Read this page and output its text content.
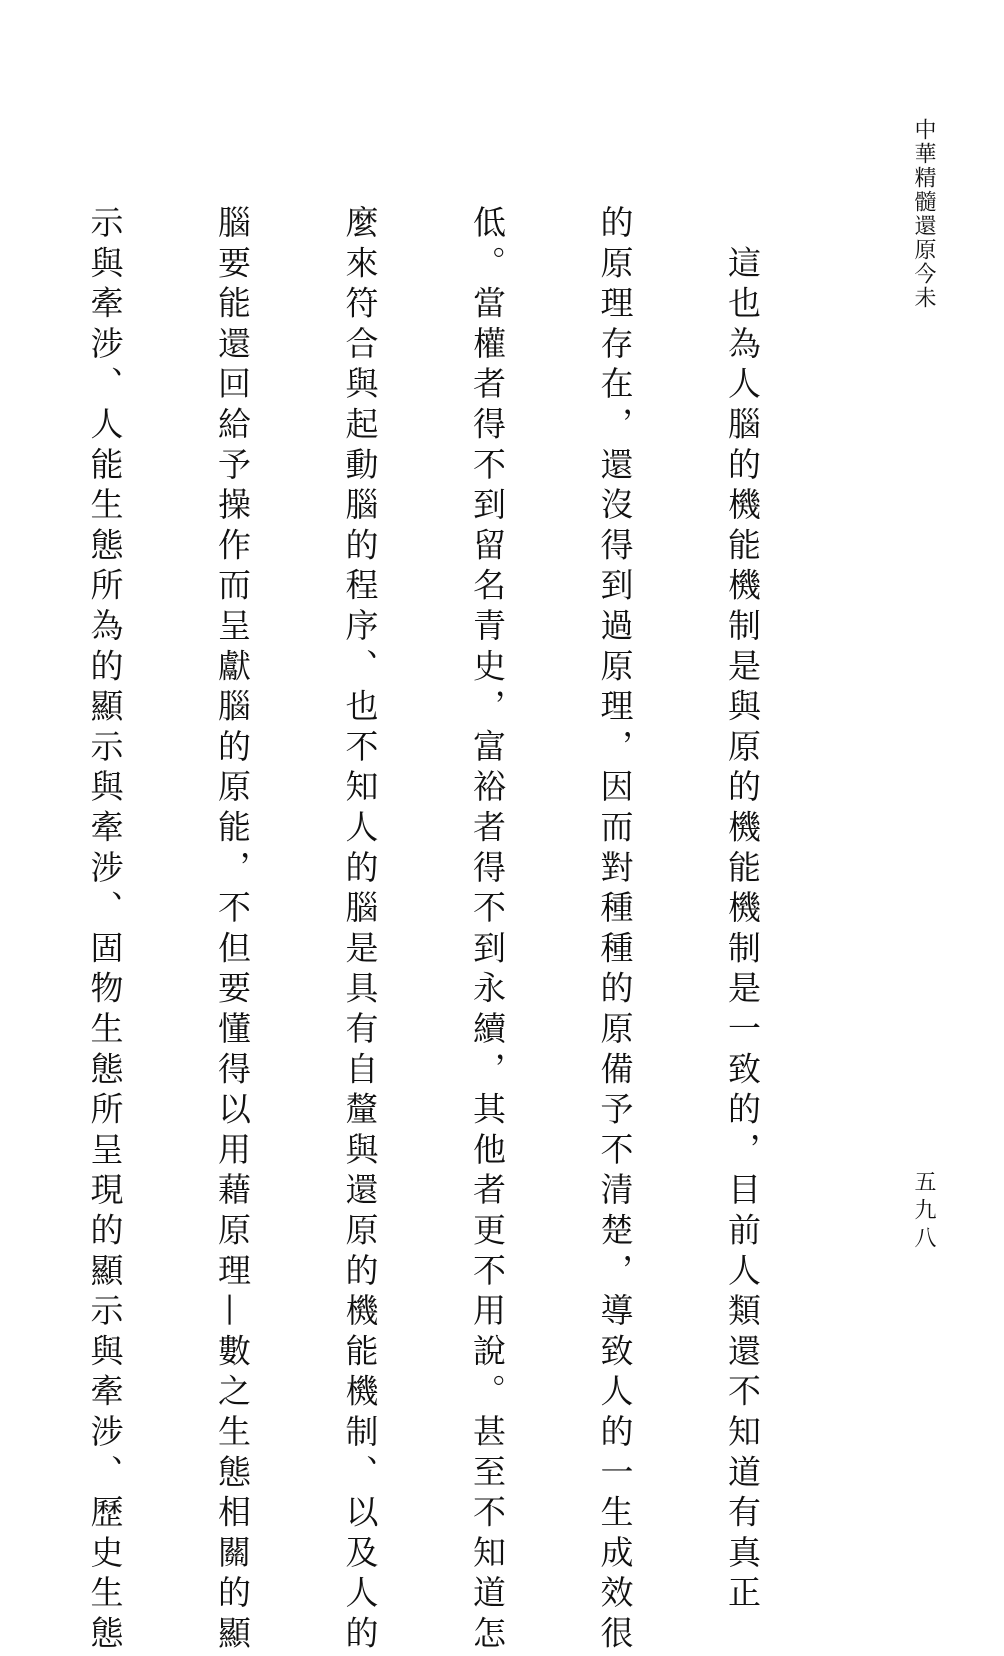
中華精髓還原今未

　這也為人腦的機能機制是與原的機能機制是一致的，目前人類還不知道有真正

的原理存在，還沒得到過原理，因而對種種的原備予不清楚，導致人的一生成效很

低。當權者得不到留名青史，富裕者得不到永續，其他者更不用說。甚至不知道怎

麼來符合與起動腦的程序、也不知人的腦是具有自釐與還原的機能機制、以及人的

腦要能還回給予操作而呈獻腦的原能，不但要懂得以用藉原理—數之生態相關的顯

示與牽涉、人能生態所為的顯示與牽涉、固物生態所呈現的顯示與牽涉、歷史生態

	五九八
